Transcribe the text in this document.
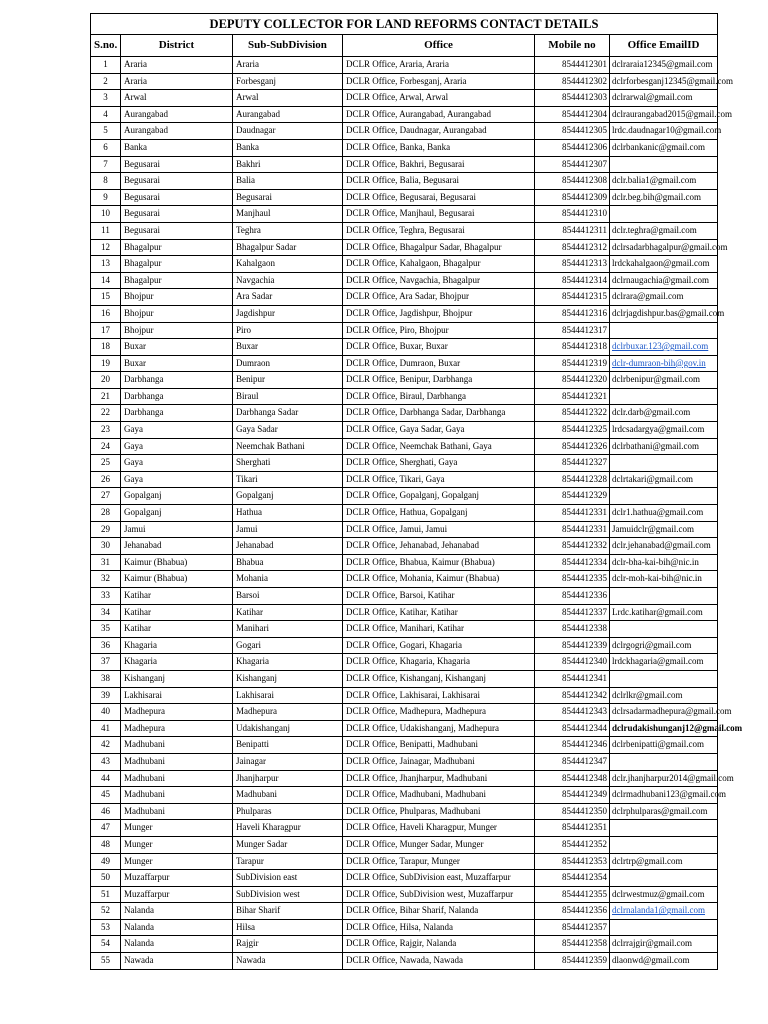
DEPUTY COLLECTOR FOR LAND REFORMS CONTACT DETAILS					
S.no.	District	Sub-SubDivision	Office	Mobile no	Office EmailID
1	Araria	Araria	DCLR Office, Araria, Araria	8544412301	dclraraia12345@gmail.com
2	Araria	Forbesganj	DCLR Office, Forbesganj, Araria	8544412302	dclrforbesganj12345@gmail.com
3	Arwal	Arwal	DCLR Office, Arwal, Arwal	8544412303	dclrarwal@gmail.com
4	Aurangabad	Aurangabad	DCLR Office, Aurangabad, Aurangabad	8544412304	dclraurangabad2015@gmail.com
5	Aurangabad	Daudnagar	DCLR Office, Daudnagar, Aurangabad	8544412305	lrdc.daudnagar10@gmail.com
6	Banka	Banka	DCLR Office, Banka, Banka	8544412306	dclrbankanic@gmail.com
7	Begusarai	Bakhri	DCLR Office, Bakhri, Begusarai	8544412307	
8	Begusarai	Balia	DCLR Office, Balia, Begusarai	8544412308	dclr.balia1@gmail.com
9	Begusarai	Begusarai	DCLR Office, Begusarai, Begusarai	8544412309	dclr.beg.bih@gmail.com
10	Begusarai	Manjhaul	DCLR Office, Manjhaul, Begusarai	8544412310	
11	Begusarai	Teghra	DCLR Office, Teghra, Begusarai	8544412311	dclr.teghra@gmail.com
12	Bhagalpur	Bhagalpur Sadar	DCLR Office, Bhagalpur Sadar, Bhagalpur	8544412312	dclrsadarbhagalpur@gmail.com
13	Bhagalpur	Kahalgaon	DCLR Office, Kahalgaon, Bhagalpur	8544412313	lrdckahalgaon@gmail.com
14	Bhagalpur	Navgachia	DCLR Office, Navgachia, Bhagalpur	8544412314	dclrnaugachia@gmail.com
15	Bhojpur	Ara Sadar	DCLR Office, Ara Sadar, Bhojpur	8544412315	dclrara@gmail.com
16	Bhojpur	Jagdishpur	DCLR Office, Jagdishpur, Bhojpur	8544412316	dclrjagdishpur.bas@gmail.com
17	Bhojpur	Piro	DCLR Office, Piro, Bhojpur	8544412317	
18	Buxar	Buxar	DCLR Office, Buxar, Buxar	8544412318	dclrbuxar.123@gmail.com
19	Buxar	Dumraon	DCLR Office, Dumraon, Buxar	8544412319	dclr-dumraon-bih@gov.in
20	Darbhanga	Benipur	DCLR Office, Benipur, Darbhanga	8544412320	dclrbenipur@gmail.com
21	Darbhanga	Biraul	DCLR Office, Biraul, Darbhanga	8544412321	
22	Darbhanga	Darbhanga Sadar	DCLR Office, Darbhanga Sadar, Darbhanga	8544412322	dclr.darb@gmail.com
23	Gaya	Gaya Sadar	DCLR Office, Gaya Sadar, Gaya	8544412325	lrdcsadargya@gmail.com
24	Gaya	Neemchak Bathani	DCLR Office, Neemchak Bathani, Gaya	8544412326	dclrbathani@gmail.com
25	Gaya	Sherghati	DCLR Office, Sherghati, Gaya	8544412327	
26	Gaya	Tikari	DCLR Office, Tikari, Gaya	8544412328	dclrtakari@gmail.com
27	Gopalganj	Gopalganj	DCLR Office, Gopalganj, Gopalganj	8544412329	
28	Gopalganj	Hathua	DCLR Office, Hathua, Gopalganj	8544412331	dclr1.hathua@gmail.com
29	Jamui	Jamui	DCLR Office, Jamui, Jamui	8544412331	Jamuidclr@gmail.com
30	Jehanabad	Jehanabad	DCLR Office, Jehanabad, Jehanabad	8544412332	dclr.jehanabad@gmail.com
31	Kaimur (Bhabua)	Bhabua	DCLR Office, Bhabua, Kaimur (Bhabua)	8544412334	dclr-bha-kai-bih@nic.in
32	Kaimur (Bhabua)	Mohania	DCLR Office, Mohania, Kaimur (Bhabua)	8544412335	dclr-moh-kai-bih@nic.in
33	Katihar	Barsoi	DCLR Office, Barsoi, Katihar	8544412336	
34	Katihar	Katihar	DCLR Office, Katihar, Katihar	8544412337	Lrdc.katihar@gmail.com
35	Katihar	Manihari	DCLR Office, Manihari, Katihar	8544412338	
36	Khagaria	Gogari	DCLR Office, Gogari, Khagaria	8544412339	dclrgogri@gmail.com
37	Khagaria	Khagaria	DCLR Office, Khagaria, Khagaria	8544412340	lrdckhagaria@gmail.com
38	Kishanganj	Kishanganj	DCLR Office, Kishanganj, Kishanganj	8544412341	
39	Lakhisarai	Lakhisarai	DCLR Office, Lakhisarai, Lakhisarai	8544412342	dclrlkr@gmail.com
40	Madhepura	Madhepura	DCLR Office, Madhepura, Madhepura	8544412343	dclrsadarmadhepura@gmail.com
41	Madhepura	Udakishanganj	DCLR Office, Udakishanganj, Madhepura	8544412344	dclrudakishunganj12@gmail.com
42	Madhubani	Benipatti	DCLR Office, Benipatti, Madhubani	8544412346	dclrbenipatti@gmail.com
43	Madhubani	Jainagar	DCLR Office, Jainagar, Madhubani	8544412347	
44	Madhubani	Jhanjharpur	DCLR Office, Jhanjharpur, Madhubani	8544412348	dclr.jhanjharpur2014@gmail.com
45	Madhubani	Madhubani	DCLR Office, Madhubani, Madhubani	8544412349	dclrmadhubani123@gmail.com
46	Madhubani	Phulparas	DCLR Office, Phulparas, Madhubani	8544412350	dclrphulparas@gmail.com
47	Munger	Haveli Kharagpur	DCLR Office, Haveli Kharagpur, Munger	8544412351	
48	Munger	Munger Sadar	DCLR Office, Munger Sadar, Munger	8544412352	
49	Munger	Tarapur	DCLR Office, Tarapur, Munger	8544412353	dclrtrp@gmail.com
50	Muzaffarpur	SubDivision east	DCLR Office, SubDivision east, Muzaffarpur	8544412354	
51	Muzaffarpur	SubDivision west	DCLR Office, SubDivision west, Muzaffarpur	8544412355	dclrwestmuz@gmail.com
52	Nalanda	Bihar Sharif	DCLR Office, Bihar Sharif, Nalanda	8544412356	dclrnalanda1@gmail.com
53	Nalanda	Hilsa	DCLR Office, Hilsa, Nalanda	8544412357	
54	Nalanda	Rajgir	DCLR Office, Rajgir, Nalanda	8544412358	dclrrajgir@gmail.com
55	Nawada	Nawada	DCLR Office, Nawada, Nawada	8544412359	dlaonwd@gmail.com
